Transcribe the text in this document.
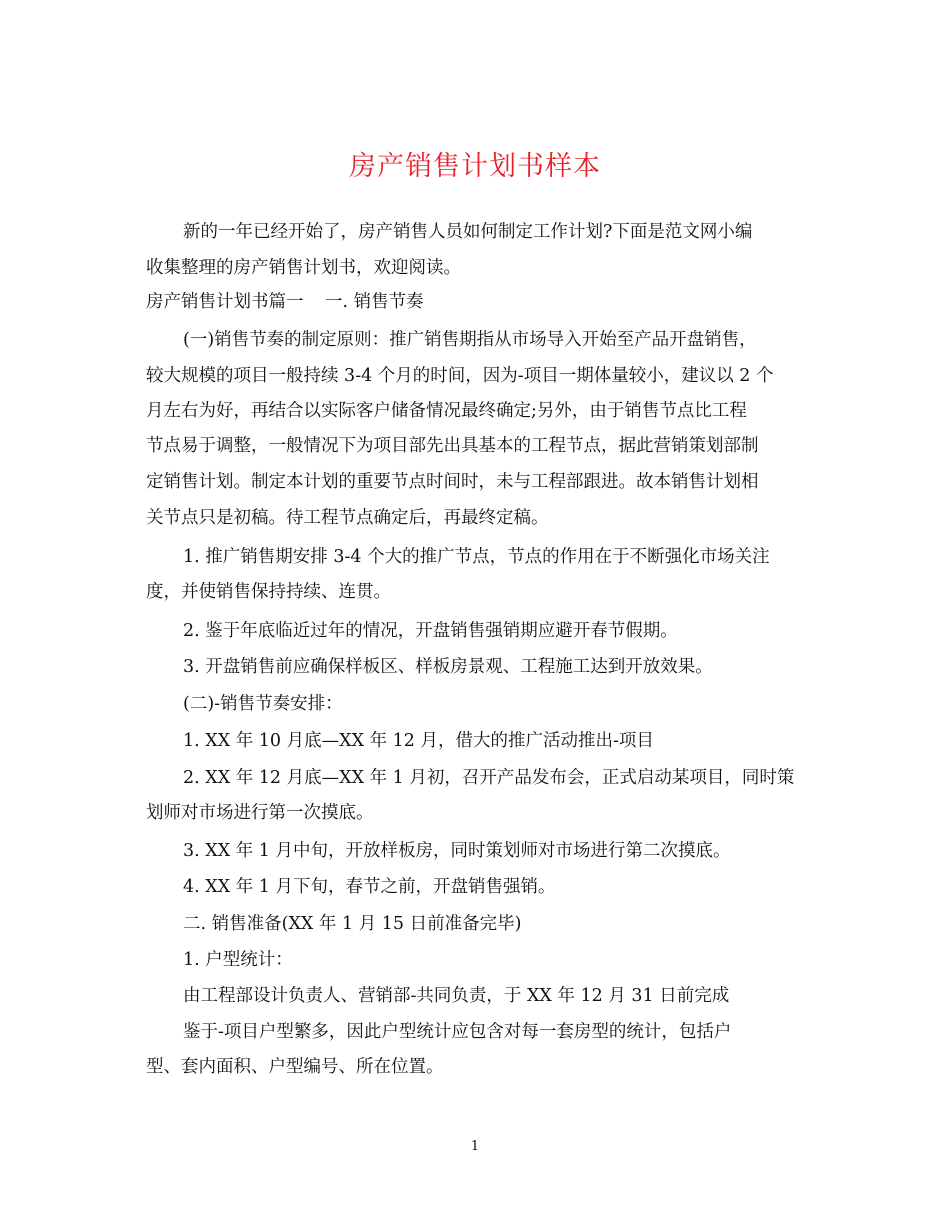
房产销售计划书样本
新的一年已经开始了，房产销售人员如何制定工作计划?下面是范文网小编
收集整理的房产销售计划书，欢迎阅读。
房产销售计划书篇一 一. 销售节奏
(一)销售节奏的制定原则：推广销售期指从市场导入开始至产品开盘销售，
较大规模的项目一般持续 3-4 个月的时间，因为-项目一期体量较小，建议以 2 个
月左右为好，再结合以实际客户储备情况最终确定;另外，由于销售节点比工程
节点易于调整，一般情况下为项目部先出具基本的工程节点，据此营销策划部制
定销售计划。制定本计划的重要节点时间时，未与工程部跟进。故本销售计划相
关节点只是初稿。待工程节点确定后，再最终定稿。
1. 推广销售期安排 3-4 个大的推广节点，节点的作用在于不断强化市场关注
度，并使销售保持持续、连贯。
2. 鉴于年底临近过年的情况，开盘销售强销期应避开春节假期。
3. 开盘销售前应确保样板区、样板房景观、工程施工达到开放效果。
(二)-销售节奏安排：
1. XX 年 10 月底—XX 年 12 月，借大的推广活动推出-项目
2. XX 年 12 月底—XX 年 1 月初，召开产品发布会，正式启动某项目，同时策
划师对市场进行第一次摸底。
3. XX 年 1 月中旬，开放样板房，同时策划师对市场进行第二次摸底。
4. XX 年 1 月下旬，春节之前，开盘销售强销。
二. 销售准备(XX 年 1 月 15 日前准备完毕)
1. 户型统计：
由工程部设计负责人、营销部-共同负责，于 XX 年 12 月 31 日前完成
鉴于-项目户型繁多，因此户型统计应包含对每一套房型的统计，包括户
型、套内面积、户型编号、所在位置。
1
